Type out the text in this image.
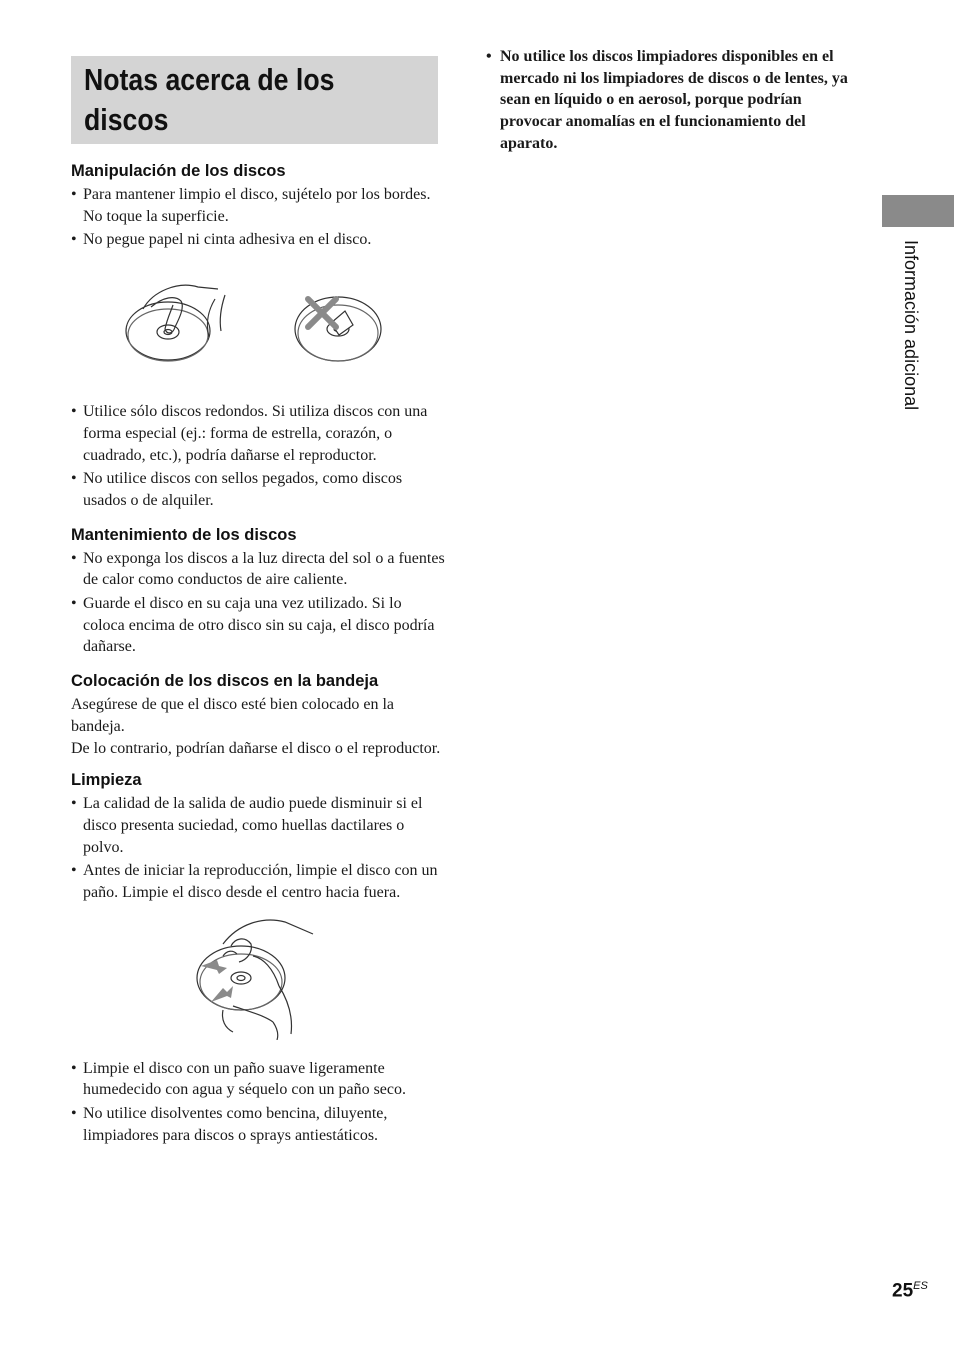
Notas acerca de los discos
Manipulación de los discos
• Para mantener limpio el disco, sujételo por los bordes. No toque la superficie.
• No pegue papel ni cinta adhesiva en el disco.
• Utilice sólo discos redondos. Si utiliza discos con una forma especial (ej.: forma de estrella, corazón, o cuadrado, etc.), podría dañarse el reproductor.
• No utilice discos con sellos pegados, como discos usados o de alquiler.
Mantenimiento de los discos
• No exponga los discos a la luz directa del sol o a fuentes de calor como conductos de aire caliente.
• Guarde el disco en su caja una vez utilizado. Si lo coloca encima de otro disco sin su caja, el disco podría dañarse.
Colocación de los discos en la bandeja

Asegúrese de que el disco esté bien colocado en la bandeja.

De lo contrario, podrían dañarse el disco o el reproductor.

Limpieza
• La calidad de la salida de audio puede disminuir si el disco presenta suciedad, como huellas dactilares o polvo.
• Antes de iniciar la reproducción, limpie el disco con un paño. Limpie el disco desde el centro hacia fuera.
• Limpie el disco con un paño suave ligeramente humedecido con agua y séquelo con un paño seco.
• No utilice disolventes como bencina, diluyente, limpiadores para discos o sprays antiestáticos.
• No utilice los discos limpiadores disponibles en el mercado ni los limpiadores de discos o de lentes, ya sean en líquido o en aerosol, porque podrían provocar anomalías en el funcionamiento del aparato.
Información adicional
$25^{ES}$
